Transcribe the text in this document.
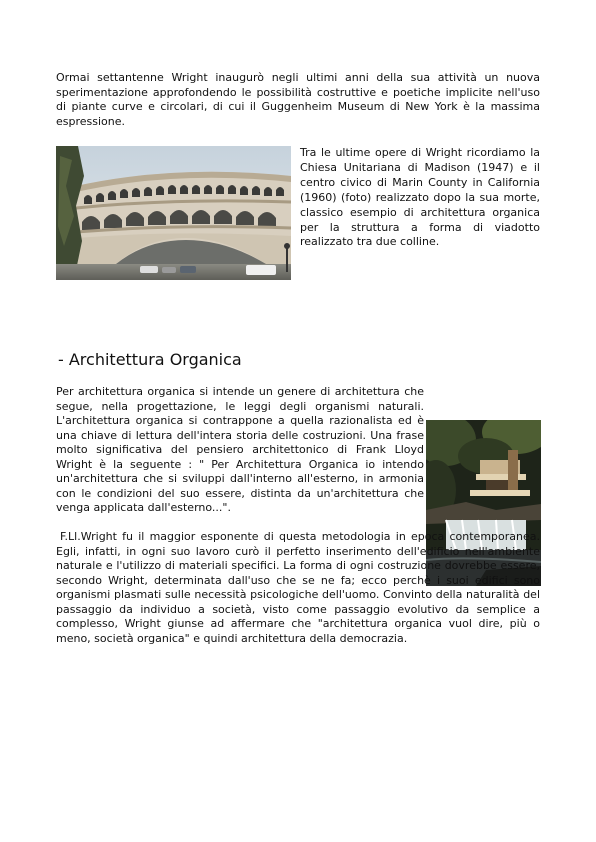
Ormai settantenne Wright inaugurò negli ultimi anni della sua attività un nuova sperimentazione approfondendo le possibilità costruttive e poetiche implicite nell'uso di piante curve e circolari, di cui il Guggenheim Museum di New York è la massima espressione.

Tra le ultime opere di Wright ricordiamo la Chiesa Unitariana di Madison (1947) e il centro civico di Marin County in California (1960) (foto) realizzato dopo la sua morte, classico esempio di architettura organica per la struttura a forma di viadotto realizzato tra due colline.

- Architettura Organica

Per architettura organica si intende un genere di architettura che segue, nella progettazione, le leggi degli organismi naturali. L'architettura organica si contrappone a quella razionalista ed è una chiave di lettura dell'intera storia delle costruzioni. Una frase molto significativa del pensiero architettonico di Frank Lloyd Wright è la seguente : " Per Architettura Organica io intendo un'architettura che si sviluppi dall'interno all'esterno, in armonia con le condizioni del suo essere, distinta da un'architettura che venga applicata dall'esterno...".

F.Ll.Wright fu il maggior esponente di questa metodologia in epoca contemporanea. Egli, infatti, in ogni suo lavoro curò il perfetto inserimento dell'edificio nell'ambiente naturale e l'utilizzo di materiali specifici. La forma di ogni costruzione dovrebbe essere, secondo Wright, determinata dall'uso che se ne fa; ecco perchè i suoi edifici sono organismi plasmati sulle necessità psicologiche dell'uomo. Convinto della naturalità del passaggio da individuo a società, visto come passaggio evolutivo da semplice a complesso, Wright giunse ad affermare che "architettura organica vuol dire, più o meno, società organica" e quindi architettura della democrazia.
